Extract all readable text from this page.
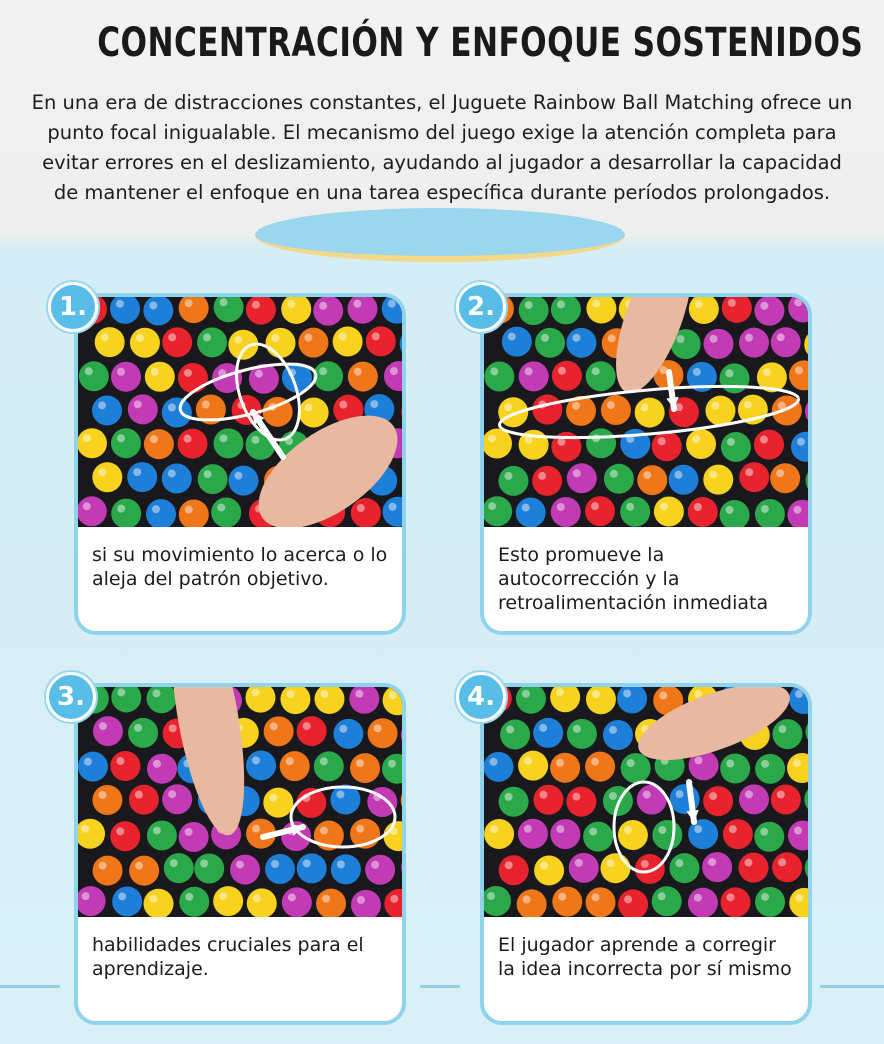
CONCENTRACIÓN Y ENFOQUE SOSTENIDOS
En una era de distracciones constantes, el Juguete Rainbow Ball Matching ofrece un punto focal inigualable. El mecanismo del juego exige la atención completa para evitar errores en el deslizamiento, ayudando al jugador a desarrollar la capacidad de mantener el enfoque en una tarea específica durante períodos prolongados.
si su movimiento lo acerca o lo aleja del patrón objetivo.
1.
Esto promueve la autocorrección y la retroalimentación inmediata
2.
habilidades cruciales para el aprendizaje.
3.
El jugador aprende a corregir la idea incorrecta por sí mismo
4.
